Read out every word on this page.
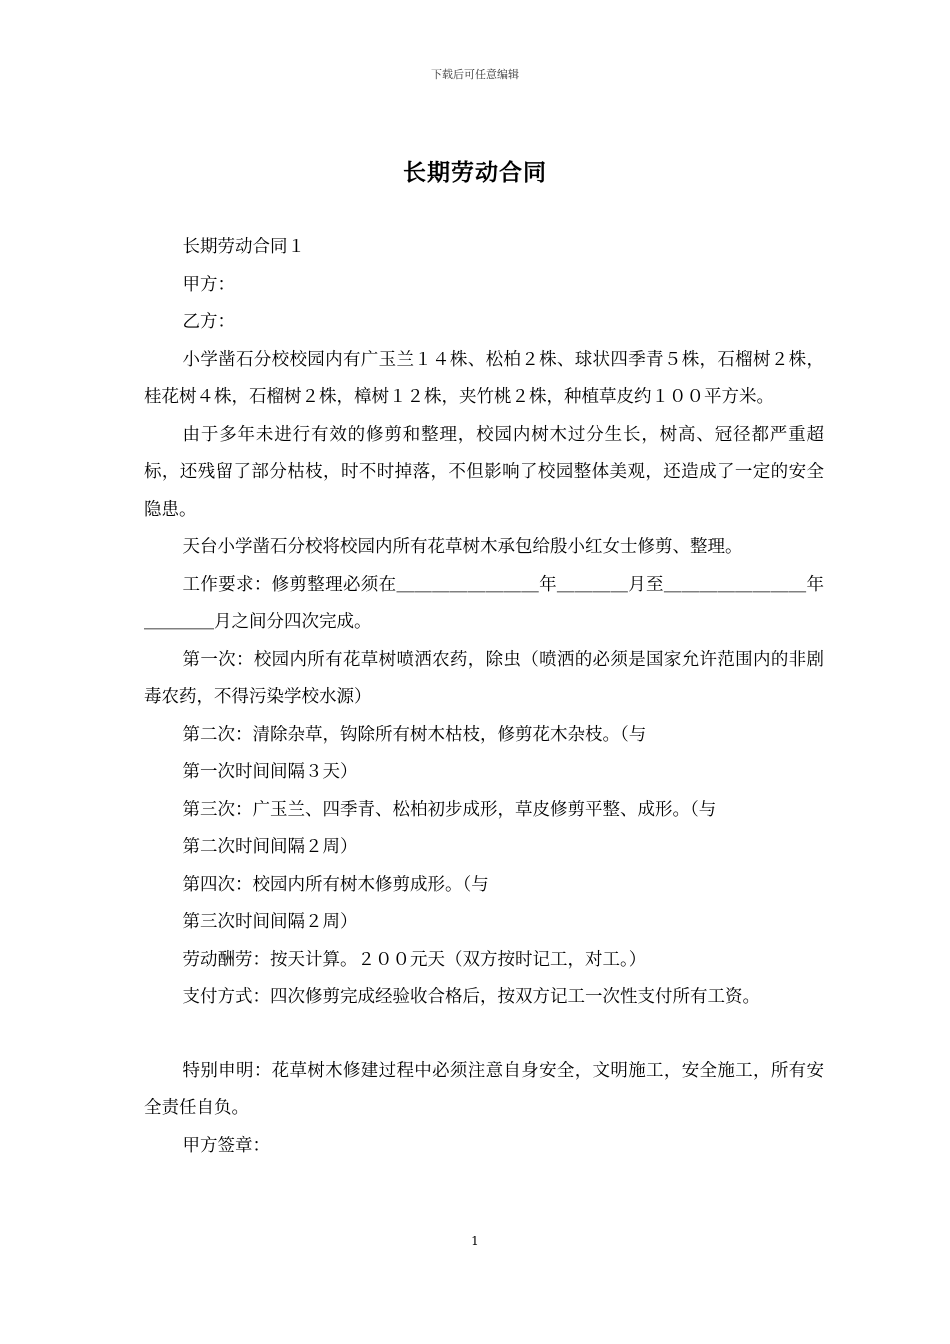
下载后可任意编辑
长期劳动合同

长期劳动合同１

甲方：

乙方：

小学凿石分校校园内有广玉兰１４株、松柏２株、球状四季青５株，石榴树２株，桂花树４株，石榴树２株，樟树１２株，夹竹桃２株，种植草皮约１００平方米。

由于多年未进行有效的修剪和整理，校园内树木过分生长，树高、冠径都严重超标，还残留了部分枯枝，时不时掉落，不但影响了校园整体美观，还造成了一定的安全隐患。

天台小学凿石分校将校园内所有花草树木承包给殷小红女士修剪、整理。

工作要求：修剪整理必须在＿＿＿＿＿＿＿＿年＿＿＿＿月至＿＿＿＿＿＿＿＿年＿＿＿＿月之间分四次完成。

第一次：校园内所有花草树喷洒农药，除虫（喷洒的必须是国家允许范围内的非剧毒农药，不得污染学校水源）

第二次：清除杂草，钩除所有树木枯枝，修剪花木杂枝。（与

第一次时间间隔３天）

第三次：广玉兰、四季青、松柏初步成形，草皮修剪平整、成形。（与

第二次时间间隔２周）

第四次：校园内所有树木修剪成形。（与

第三次时间间隔２周）

劳动酬劳：按天计算。２００元天（双方按时记工，对工。）

支付方式：四次修剪完成经验收合格后，按双方记工一次性支付所有工资。

特别申明：花草树木修建过程中必须注意自身安全，文明施工，安全施工，所有安全责任自负。

甲方签章：

1
